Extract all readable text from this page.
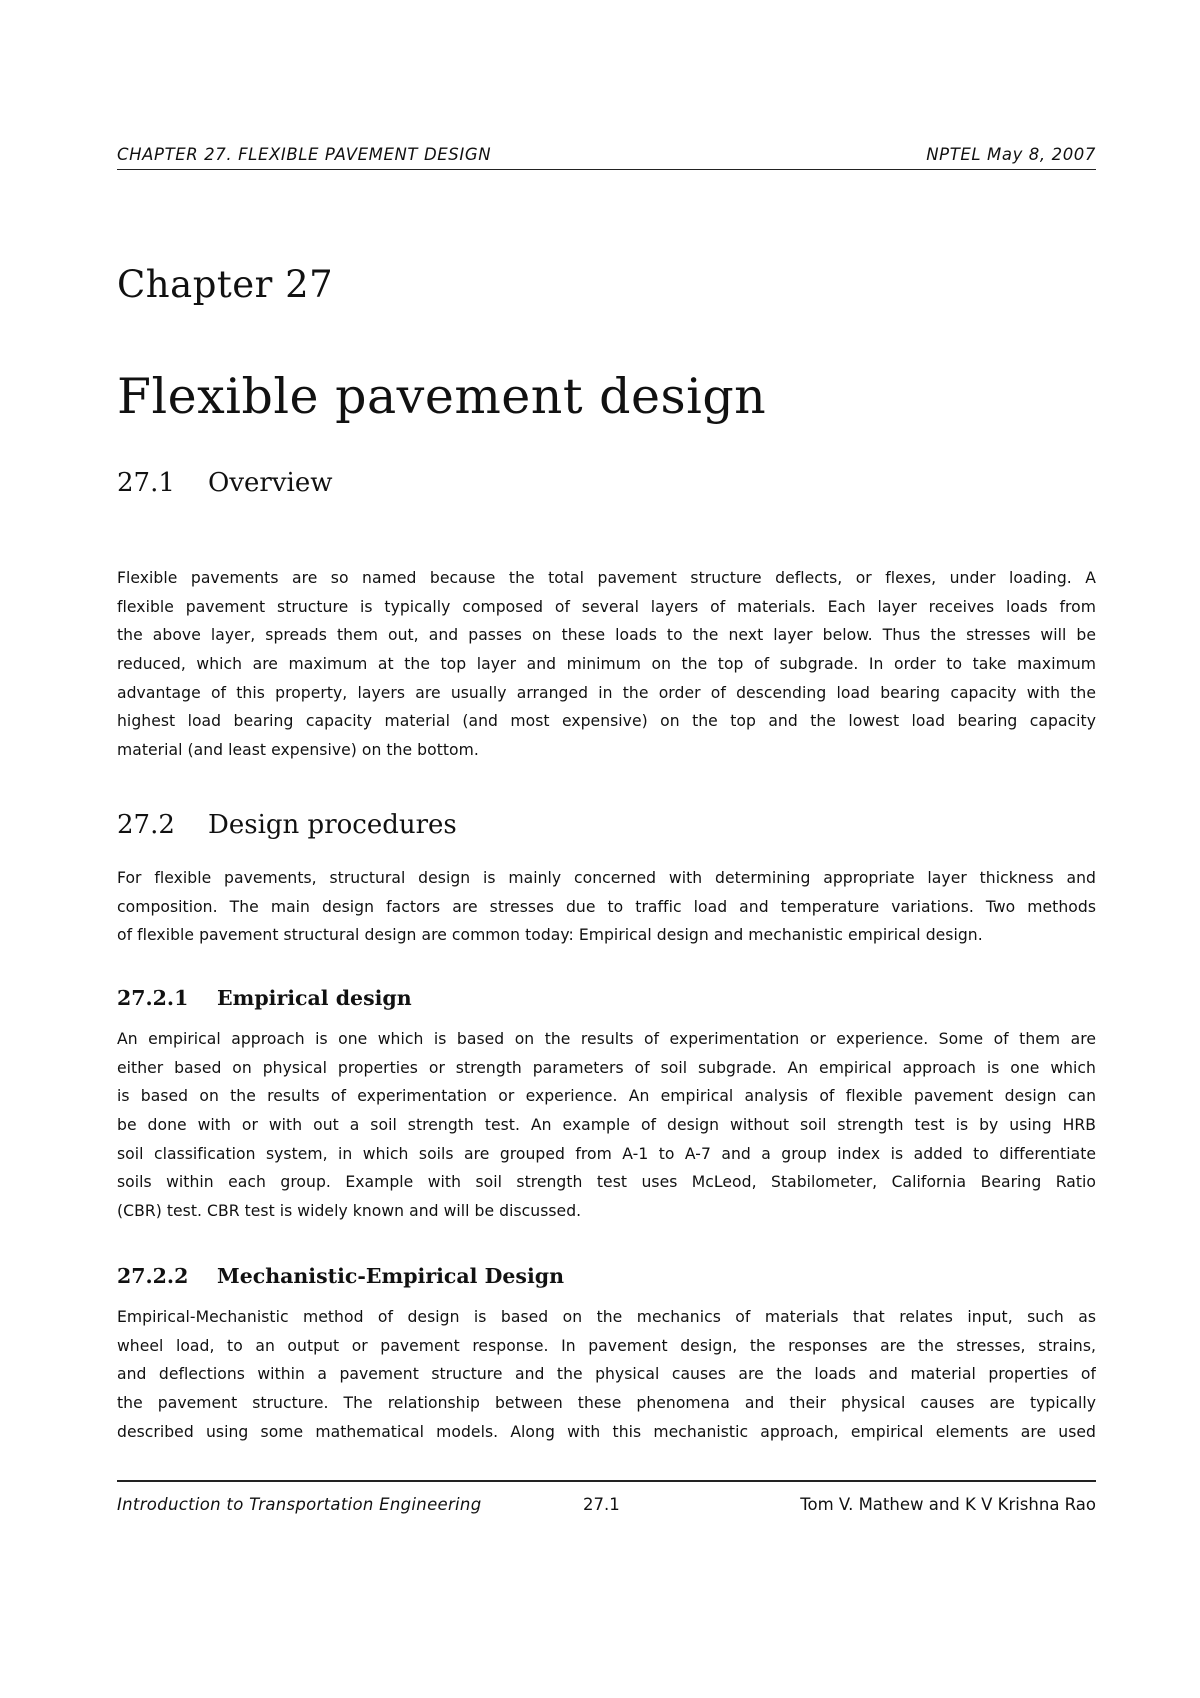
CHAPTER 27. FLEXIBLE PAVEMENT DESIGN	NPTEL May 8, 2007
Chapter 27
Flexible pavement design
27.1 Overview
Flexible pavements are so named because the total pavement structure deflects, or flexes, under loading. A
flexible pavement structure is typically composed of several layers of materials. Each layer receives loads from
the above layer, spreads them out, and passes on these loads to the next layer below. Thus the stresses will be
reduced, which are maximum at the top layer and minimum on the top of subgrade. In order to take maximum
advantage of this property, layers are usually arranged in the order of descending load bearing capacity with the
highest load bearing capacity material (and most expensive) on the top and the lowest load bearing capacity
material (and least expensive) on the bottom.
27.2 Design procedures
For flexible pavements, structural design is mainly concerned with determining appropriate layer thickness and
composition. The main design factors are stresses due to traffic load and temperature variations. Two methods
of flexible pavement structural design are common today: Empirical design and mechanistic empirical design.
27.2.1 Empirical design
An empirical approach is one which is based on the results of experimentation or experience. Some of them are
either based on physical properties or strength parameters of soil subgrade. An empirical approach is one which
is based on the results of experimentation or experience. An empirical analysis of flexible pavement design can
be done with or with out a soil strength test. An example of design without soil strength test is by using HRB
soil classification system, in which soils are grouped from A-1 to A-7 and a group index is added to differentiate
soils within each group. Example with soil strength test uses McLeod, Stabilometer, California Bearing Ratio
(CBR) test. CBR test is widely known and will be discussed.
27.2.2 Mechanistic-Empirical Design
Empirical-Mechanistic method of design is based on the mechanics of materials that relates input, such as
wheel load, to an output or pavement response. In pavement design, the responses are the stresses, strains,
and deflections within a pavement structure and the physical causes are the loads and material properties of
the pavement structure. The relationship between these phenomena and their physical causes are typically
described using some mathematical models. Along with this mechanistic approach, empirical elements are used
Introduction to Transportation Engineering	27.1	Tom V. Mathew and K V Krishna Rao
